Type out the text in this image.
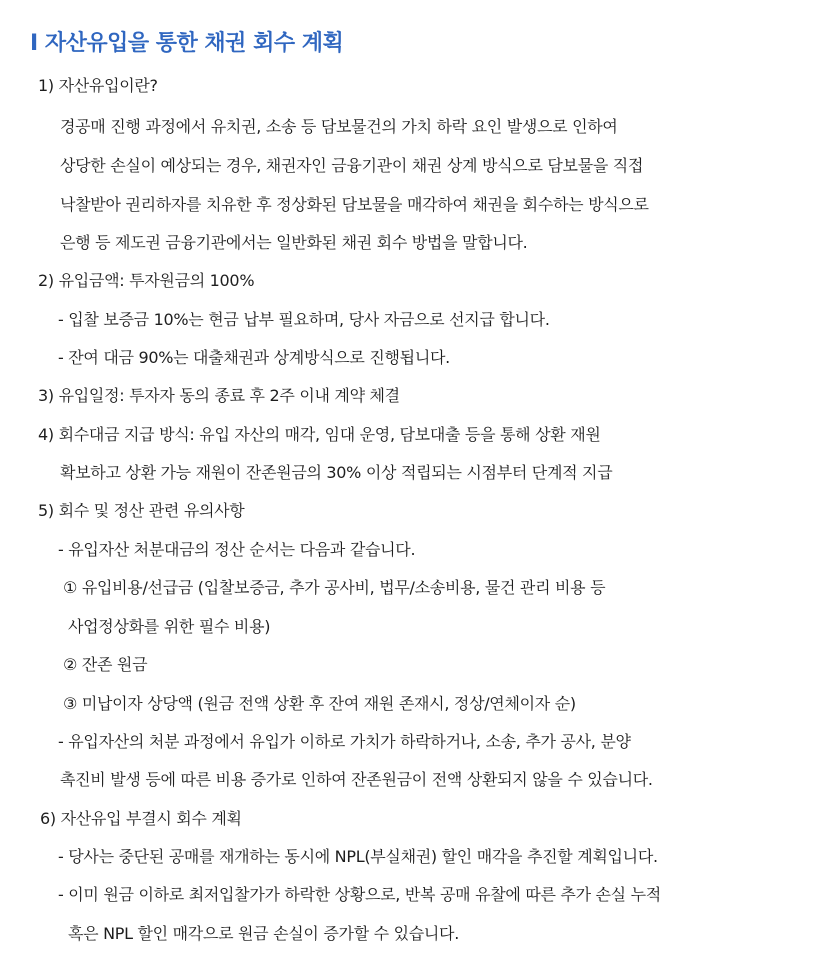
I 자산유입을 통한 채권 회수 계획
1) 자산유입이란?
경공매 진행 과정에서 유치권, 소송 등 담보물건의 가치 하락 요인 발생으로 인하여
상당한 손실이 예상되는 경우, 채권자인 금융기관이 채권 상계 방식으로 담보물을 직접
낙찰받아 권리하자를 치유한 후 정상화된 담보물을 매각하여 채권을 회수하는 방식으로
은행 등 제도권 금융기관에서는 일반화된 채권 회수 방법을 말합니다.
2) 유입금액: 투자원금의 100%
- 입찰 보증금 10%는 현금 납부 필요하며, 당사 자금으로 선지급 합니다.
- 잔여 대금 90%는 대출채권과 상계방식으로 진행됩니다.
3) 유입일정: 투자자 동의 종료 후 2주 이내 계약 체결
4) 회수대금 지급 방식: 유입 자산의 매각, 임대 운영, 담보대출 등을 통해 상환 재원
확보하고 상환 가능 재원이 잔존원금의 30% 이상 적립되는 시점부터 단계적 지급
5) 회수 및 정산 관련 유의사항
- 유입자산 처분대금의 정산 순서는 다음과 같습니다.
① 유입비용/선급금 (입찰보증금, 추가 공사비, 법무/소송비용, 물건 관리 비용 등
사업정상화를 위한 필수 비용)
② 잔존 원금
③ 미납이자 상당액 (원금 전액 상환 후 잔여 재원 존재시, 정상/연체이자 순)
- 유입자산의 처분 과정에서 유입가 이하로 가치가 하락하거나, 소송, 추가 공사, 분양
촉진비 발생 등에 따른 비용 증가로 인하여 잔존원금이 전액 상환되지 않을 수 있습니다.
6) 자산유입 부결시 회수 계획
- 당사는 중단된 공매를 재개하는 동시에 NPL(부실채권) 할인 매각을 추진할 계획입니다.
- 이미 원금 이하로 최저입찰가가 하락한 상황으로, 반복 공매 유찰에 따른 추가 손실 누적
혹은 NPL 할인 매각으로 원금 손실이 증가할 수 있습니다.
